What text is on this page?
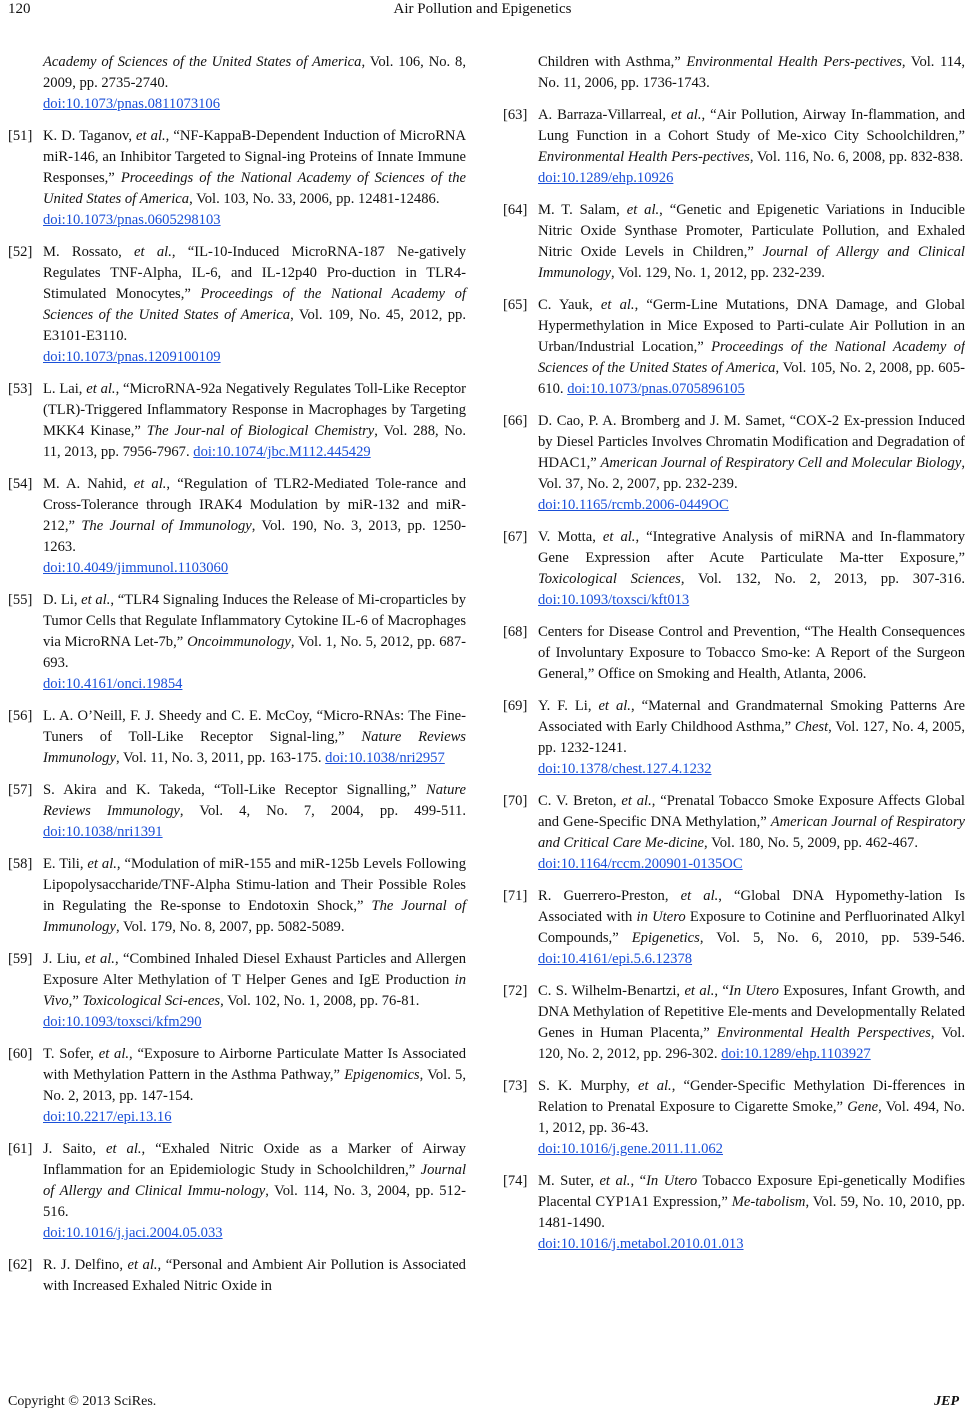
120	Air Pollution and Epigenetics
Academy of Sciences of the United States of America, Vol. 106, No. 8, 2009, pp. 2735-2740.
doi:10.1073/pnas.0811073106
[51] K. D. Taganov, et al., “NF-KappaB-Dependent Induction of MicroRNA miR-146, an Inhibitor Targeted to Signal-ing Proteins of Innate Immune Responses,” Proceedings of the National Academy of Sciences of the United States of America, Vol. 103, No. 33, 2006, pp. 12481-12486.
doi:10.1073/pnas.0605298103
[52] M. Rossato, et al., “IL-10-Induced MicroRNA-187 Ne-gatively Regulates TNF-Alpha, IL-6, and IL-12p40 Pro-duction in TLR4-Stimulated Monocytes,” Proceedings of the National Academy of Sciences of the United States of America, Vol. 109, No. 45, 2012, pp. E3101-E3110.
doi:10.1073/pnas.1209100109
[53] L. Lai, et al., “MicroRNA-92a Negatively Regulates Toll-Like Receptor (TLR)-Triggered Inflammatory Response in Macrophages by Targeting MKK4 Kinase,” The Jour-nal of Biological Chemistry, Vol. 288, No. 11, 2013, pp. 7956-7967. doi:10.1074/jbc.M112.445429
[54] M. A. Nahid, et al., “Regulation of TLR2-Mediated Tole-rance and Cross-Tolerance through IRAK4 Modulation by miR-132 and miR-212,” The Journal of Immunology, Vol. 190, No. 3, 2013, pp. 1250-1263.
doi:10.4049/jimmunol.1103060
[55] D. Li, et al., “TLR4 Signaling Induces the Release of Mi-croparticles by Tumor Cells that Regulate Inflammatory Cytokine IL-6 of Macrophages via MicroRNA Let-7b,” Oncoimmunology, Vol. 1, No. 5, 2012, pp. 687-693.
doi:10.4161/onci.19854
[56] L. A. O’Neill, F. J. Sheedy and C. E. McCoy, “Micro-RNAs: The Fine-Tuners of Toll-Like Receptor Signal-ling,” Nature Reviews Immunology, Vol. 11, No. 3, 2011, pp. 163-175. doi:10.1038/nri2957
[57] S. Akira and K. Takeda, “Toll-Like Receptor Signalling,” Nature Reviews Immunology, Vol. 4, No. 7, 2004, pp. 499-511. doi:10.1038/nri1391
[58] E. Tili, et al., “Modulation of miR-155 and miR-125b Levels Following Lipopolysaccharide/TNF-Alpha Stimu-lation and Their Possible Roles in Regulating the Re-sponse to Endotoxin Shock,” The Journal of Immunology, Vol. 179, No. 8, 2007, pp. 5082-5089.
[59] J. Liu, et al., “Combined Inhaled Diesel Exhaust Particles and Allergen Exposure Alter Methylation of T Helper Genes and IgE Production in Vivo,” Toxicological Sci-ences, Vol. 102, No. 1, 2008, pp. 76-81.
doi:10.1093/toxsci/kfm290
[60] T. Sofer, et al., “Exposure to Airborne Particulate Matter Is Associated with Methylation Pattern in the Asthma Pathway,” Epigenomics, Vol. 5, No. 2, 2013, pp. 147-154.
doi:10.2217/epi.13.16
[61] J. Saito, et al., “Exhaled Nitric Oxide as a Marker of Airway Inflammation for an Epidemiologic Study in Schoolchildren,” Journal of Allergy and Clinical Immu-nology, Vol. 114, No. 3, 2004, pp. 512-516.
doi:10.1016/j.jaci.2004.05.033
[62] R. J. Delfino, et al., “Personal and Ambient Air Pollution is Associated with Increased Exhaled Nitric Oxide in
Children with Asthma,” Environmental Health Pers-pectives, Vol. 114, No. 11, 2006, pp. 1736-1743.
[63] A. Barraza-Villarreal, et al., “Air Pollution, Airway In-flammation, and Lung Function in a Cohort Study of Me-xico City Schoolchildren,” Environmental Health Pers-pectives, Vol. 116, No. 6, 2008, pp. 832-838.
doi:10.1289/ehp.10926
[64] M. T. Salam, et al., “Genetic and Epigenetic Variations in Inducible Nitric Oxide Synthase Promoter, Particulate Pollution, and Exhaled Nitric Oxide Levels in Children,” Journal of Allergy and Clinical Immunology, Vol. 129, No. 1, 2012, pp. 232-239.
[65] C. Yauk, et al., “Germ-Line Mutations, DNA Damage, and Global Hypermethylation in Mice Exposed to Parti-culate Air Pollution in an Urban/Industrial Location,” Proceedings of the National Academy of Sciences of the United States of America, Vol. 105, No. 2, 2008, pp. 605-610. doi:10.1073/pnas.0705896105
[66] D. Cao, P. A. Bromberg and J. M. Samet, “COX-2 Ex-pression Induced by Diesel Particles Involves Chromatin Modification and Degradation of HDAC1,” American Journal of Respiratory Cell and Molecular Biology, Vol. 37, No. 2, 2007, pp. 232-239.
doi:10.1165/rcmb.2006-0449OC
[67] V. Motta, et al., “Integrative Analysis of miRNA and In-flammatory Gene Expression after Acute Particulate Ma-tter Exposure,” Toxicological Sciences, Vol. 132, No. 2, 2013, pp. 307-316. doi:10.1093/toxsci/kft013
[68] Centers for Disease Control and Prevention, “The Health Consequences of Involuntary Exposure to Tobacco Smo-ke: A Report of the Surgeon General,” Office on Smoking and Health, Atlanta, 2006.
[69] Y. F. Li, et al., “Maternal and Grandmaternal Smoking Patterns Are Associated with Early Childhood Asthma,” Chest, Vol. 127, No. 4, 2005, pp. 1232-1241.
doi:10.1378/chest.127.4.1232
[70] C. V. Breton, et al., “Prenatal Tobacco Smoke Exposure Affects Global and Gene-Specific DNA Methylation,” American Journal of Respiratory and Critical Care Me-dicine, Vol. 180, No. 5, 2009, pp. 462-467.
doi:10.1164/rccm.200901-0135OC
[71] R. Guerrero-Preston, et al., “Global DNA Hypomethy-lation Is Associated with in Utero Exposure to Cotinine and Perfluorinated Alkyl Compounds,” Epigenetics, Vol. 5, No. 6, 2010, pp. 539-546. doi:10.4161/epi.5.6.12378
[72] C. S. Wilhelm-Benartzi, et al., “In Utero Exposures, Infant Growth, and DNA Methylation of Repetitive Ele-ments and Developmentally Related Genes in Human Placenta,” Environmental Health Perspectives, Vol. 120, No. 2, 2012, pp. 296-302. doi:10.1289/ehp.1103927
[73] S. K. Murphy, et al., “Gender-Specific Methylation Di-fferences in Relation to Prenatal Exposure to Cigarette Smoke,” Gene, Vol. 494, No. 1, 2012, pp. 36-43.
doi:10.1016/j.gene.2011.11.062
[74] M. Suter, et al., “In Utero Tobacco Exposure Epi-genetically Modifies Placental CYP1A1 Expression,” Me-tabolism, Vol. 59, No. 10, 2010, pp. 1481-1490.
doi:10.1016/j.metabol.2010.01.013
Copyright © 2013 SciRes.	JEP
